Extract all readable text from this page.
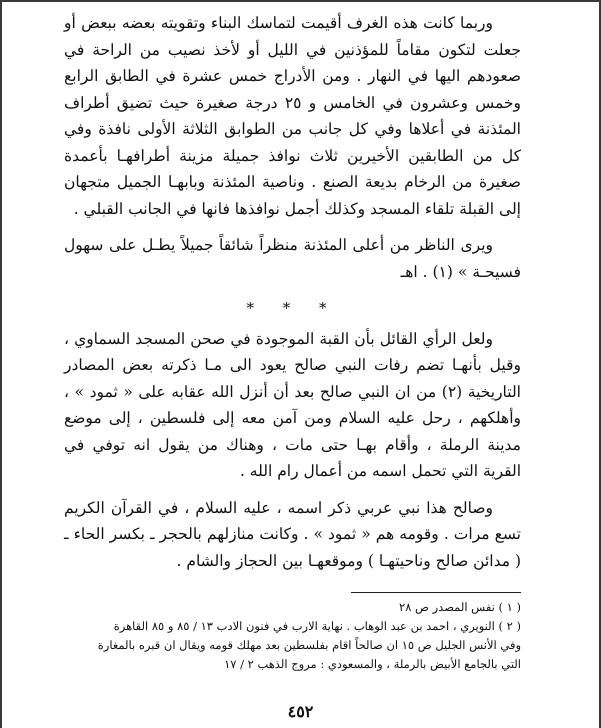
وربما كانت هذه الغرف أقيمت لتماسك البناء وتقويته بعضه ببعض أو جعلت لتكون مقاماً للمؤذنين في الليل أو لأخذ نصيب من الراحة في صعودهم اليها في النهار . ومن الأدراج خمس عشرة في الطابق الرابع وخمس وعشرون في الخامس و ٢٥ درجة صغيرة حيث تضيق أطراف المئذنة في أعلاها وفي كل جانب من الطوابق الثلاثة الأولى نافذة وفي كل من الطابقين الأخيرين ثلاث نوافذ جميلة مزينة أطرافهـا بأعمدة صغيرة من الرخام بديعة الصنع . وناصية المئذنة وبابهـا الجميل متجهان إلى القبلة تلقاء المسجد وكذلك أجمل نوافذها فانها في الجانب القبلي .

ويرى الناظر من أعلى المئذنة منظراً شائقاً جميلاً يطـل على سهول فسيحـة » (١) . اهـ

* * *

ولعل الرأي القائل بأن القبة الموجودة في صحن المسجد السماوي ، وقيل بأنهـا تضم رفات النبي صالح يعود الى مـا ذكرته بعض المصادر التاريخية (٢) من ان النبي صالح بعد أن أنزل الله عقابه على « ثمود » ، وأهلكهم ، رحل عليه السلام ومن آمن معه إلى فلسطين ، إلى موضع مدينة الرملة ، وأقام بهـا حتى مات ، وهناك من يقول انه توفي في القرية التي تحمل اسمه من أعمال رام الله .

وصالح هذا نبي عربي ذكر اسمه ، عليه السلام ، في القرآن الكريم تسع مرات . وقومه هم « ثمود » . وكانت منازلهم بالحجر ـ بكسر الحاء ـ ( مدائن صالح وناحيتهـا ) وموقعهـا بين الحجاز والشام .

( ١ ) نفس المصدر ص ٢٨

( ٢ ) النويري ، احمد بن عبد الوهاب . نهاية الارب في فنون الادب ١٣ / ٨٥ و ٨٥ القاهرة

وفي الأنس الجليل ص ١٥ ان صالحاً اقام بفلسطين بعد مهلك قومه ويقال ان قبره بالمغارة

التي بالجامع الأبيض بالرملة ، والمسعودي : مروج الذهب ٢ / ١٧

٤٥٢
